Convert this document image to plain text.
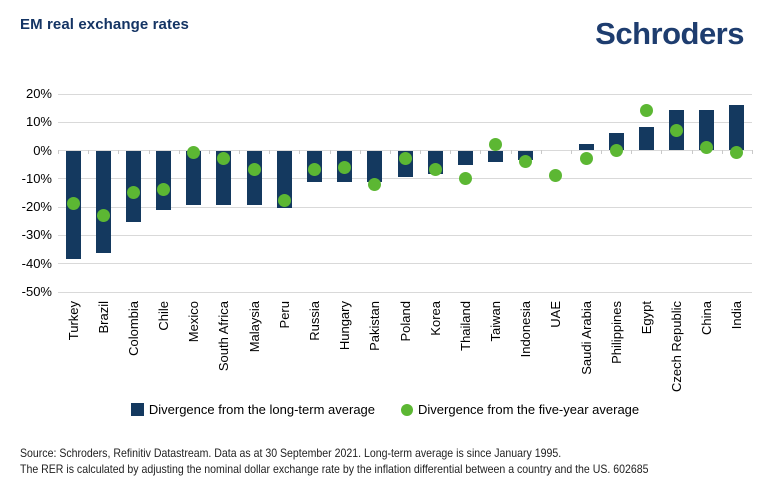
EM real exchange rates	Schroders
20%
10%
0%
-10%
-20%
-30%
-40%
-50%
Turkey Brazil Colombia Chile Mexico South Africa Malaysia Peru Russia Hungary Pakistan Poland Korea Thailand Taiwan Indonesia UAE Saudi Arabia Philippines Egypt Czech Republic China India
Divergence from the long-term average	Divergence from the five-year average
Source: Schroders, Refinitiv Datastream. Data as at 30 September 2021. Long-term average is since January 1995.
The RER is calculated by adjusting the nominal dollar exchange rate by the inflation differential between a country and the US. 602685
